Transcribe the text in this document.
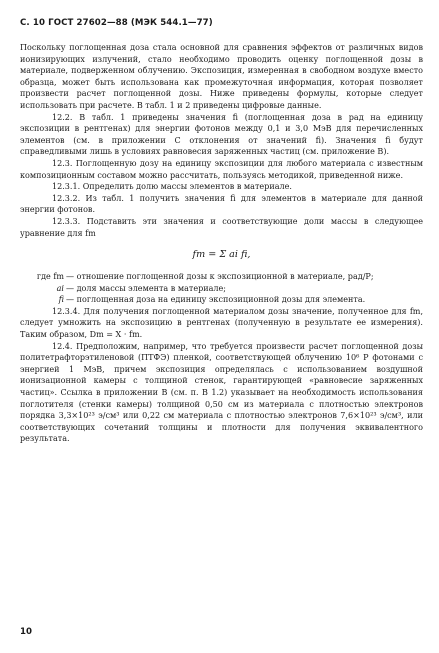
С. 10 ГОСТ 27602—88 (МЭК 544.1—77)

Поскольку поглощенная доза стала основной для сравнения эффектов от различных видов ионизирующих излучений, стало необходимо проводить оценку поглощенной дозы в материале, подверженном облучению. Экспозиция, измеренная в свободном воздухе вместо образца, может быть использована как промежуточная информация, которая позволяет произвести расчет поглощенной дозы. Ниже приведены формулы, которые следует использовать при расчете. В табл. 1 и 2 приведены цифровые данные.

12.2. В табл. 1 приведены значения fi (поглощенная доза в рад на единицу экспозиции в рентгенах) для энергии фотонов между 0,1 и 3,0 МэВ для перечисленных элементов (см. в приложении С отклонения от значений fi). Значения fi будут справедливыми лишь в условиях равновесия заряженных частиц (см. приложение В).

12.3. Поглощенную дозу на единицу экспозиции для любого материала с известным композиционным составом можно рассчитать, пользуясь методикой, приведенной ниже.

12.3.1. Определить долю массы элементов в материале.

12.3.2. Из табл. 1 получить значения fi для элементов в материале для данной энергии фотонов.

12.3.3. Подставить эти значения и соответствующие доли массы в следующее уравнение для fm

fm = Σ ai fi,
где fm — отношение поглощенной дозы к экспозиционной в материале, рад/Р;
ai — доля массы элемента в материале;
fi — поглощенная доза на единицу экспозиционной дозы для элемента.

12.3.4. Для получения поглощенной материалом дозы значение, полученное для fm, следует умножить на экспозицию в рентгенах (полученную в результате ее измерения). Таким образом, Dm = X · fm.

12.4. Предположим, например, что требуется произвести расчет поглощенной дозы политетрафторэтиленовой (ПТФЭ) пленкой, соответствующей облучению 10⁶ Р фотонами с энергией 1 МэВ, причем экспозиция определялась с использованием воздушной ионизационной камеры с толщиной стенок, гарантирующей «равновесие заряженных частиц». Ссылка в приложении В (см. п. В 1.2) указывает на необходимость использования поглотителя (стенки камеры) толщиной 0,50 см из материала с плотностью электронов порядка 3,3×10²³ э/см³ или 0,22 см материала с плотностью электронов 7,6×10²³ э/см³, или соответствующих сочетаний толщины и плотности для получения эквивалентного результата.

10
